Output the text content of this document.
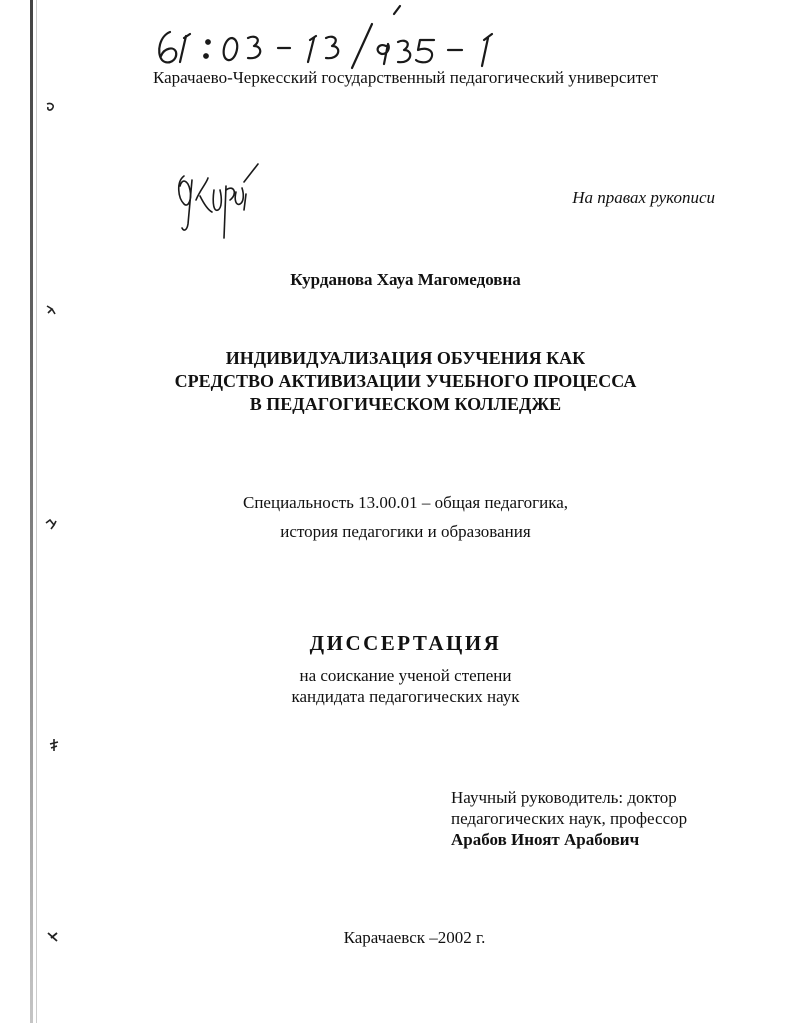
Карачаево-Черкесский государственный педагогический университет
На правах рукописи
Курданова Хауа Магомедовна
ИНДИВИДУАЛИЗАЦИЯ ОБУЧЕНИЯ КАК
СРЕДСТВО АКТИВИЗАЦИИ УЧЕБНОГО ПРОЦЕССА
В ПЕДАГОГИЧЕСКОМ КОЛЛЕДЖЕ
Специальность 13.00.01 – общая педагогика,
история педагогики и образования
ДИССЕРТАЦИЯ
на соискание ученой степени
кандидата педагогических наук
Научный руководитель: доктор
педагогических наук, профессор
Арабов Иноят Арабович
Карачаевск –2002 г.
